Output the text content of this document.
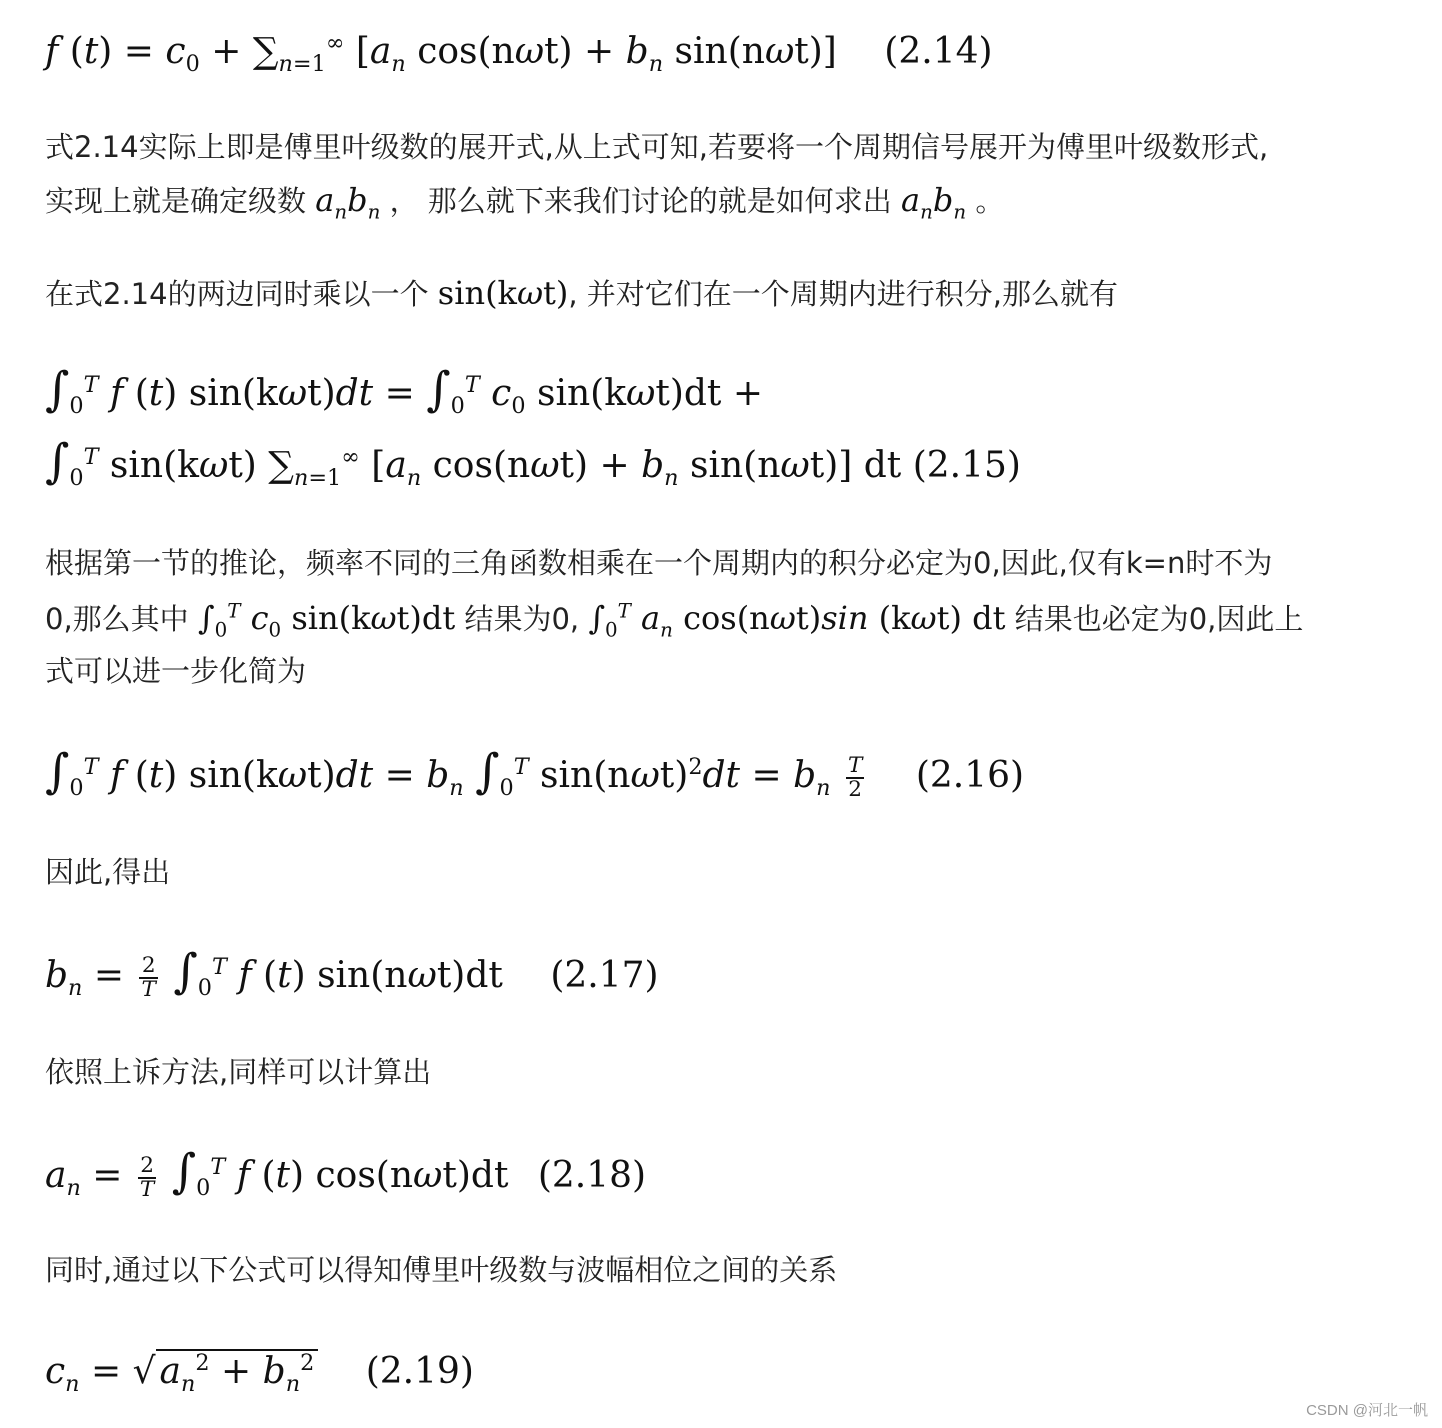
f $(t) = c_0 + \sum_{n=1}^\infty$ [$a_n$ $\cos(n\omega t) + b_n$ sin(nωt)] (2.14)
式2.14实际上即是傅里叶级数的展开式,从上式可知,若要将一个周期信号展开为傅里叶级数形式,
实现上就是确定级数 $a_nb_n$ ， 那么就下来我们讨论的就是如何求出 $a_nb_n$ 。
在式2.14的两边同时乘以一个 sin(kωt), 并对它们在一个周期内进行积分,那么就有
$\int_0^T$ f (t) $\sin(k\omega t)dt = \int_0^T$ $c_0$ sin(kωt)dt +
$\int_0^T$ sin(kωt) $\sum_{n=1}^\infty$ [$a_n$ $\cos(n\omega t) + b_n$ sin(nωt)] dt (2.15)
根据第一节的推论，频率不同的三角函数相乘在一个周期内的积分必定为0,因此,仅有k=n时不为
0,那么其中 $\int_0^T$ $c_0$ sin(kωt)dt 结果为0, $\int_0^T$ $a_n$ cos(nωt)sin (kωt) dt 结果也必定为0,因此上
式可以进一步化简为
$\int_0^T$ f (t) $\sin(k\omega t)dt = b_n$ $\int_0^T$ $\sin(n\omega t)^2dt = b_n \frac{T}{2} (2.16)$
因此,得出
$b_n = \frac{2}{T} \int_0^T$ f (t) sin(nωt)dt (2.17)
依照上诉方法,同样可以计算出
$a_n = \frac{2}{T} \int_0^T$ f (t) cos(nωt)dt (2.18)
同时,通过以下公式可以得知傅里叶级数与波幅相位之间的关系
$c_n$ = √ $a_n^2 + b_n^2$ (2.19)
CSDN @河北一帆
